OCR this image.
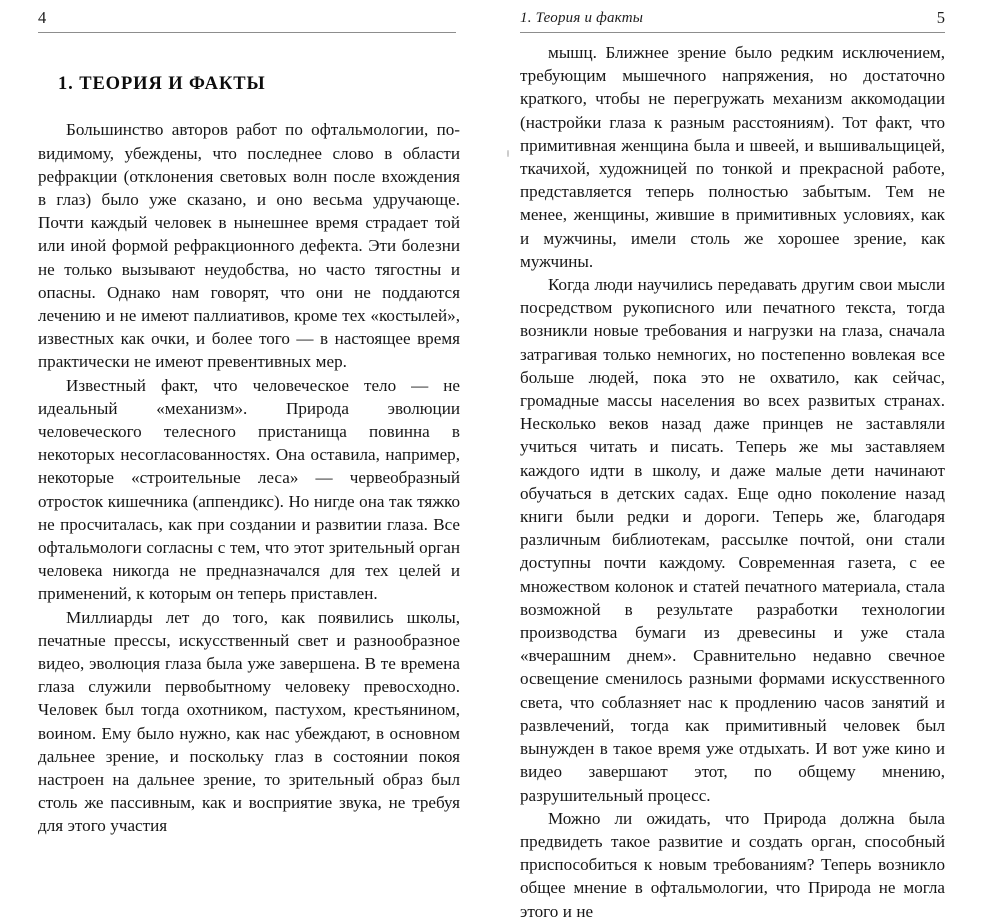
4
1. ТЕОРИЯ И ФАКТЫ

Большинство авторов работ по офтальмологии, по-видимому, убеждены, что последнее слово в области рефракции (отклонения световых волн после вхождения в глаз) было уже сказано, и оно весьма удручающе. Почти каждый человек в нынешнее время страдает той или иной формой рефракционного дефекта. Эти болезни не только вызывают неудобства, но часто тягостны и опасны. Однако нам говорят, что они не поддаются лечению и не имеют паллиативов, кроме тех «костылей», известных как очки, и более того — в настоящее время практически не имеют превентивных мер.

Известный факт, что человеческое тело — не идеальный «механизм». Природа эволюции человеческого телесного пристанища повинна в некоторых несогласованностях. Она оставила, например, некоторые «строительные леса» — червеобразный отросток кишечника (аппендикс). Но нигде она так тяжко не просчиталась, как при создании и развитии глаза. Все офтальмологи согласны с тем, что этот зрительный орган человека никогда не предназначался для тех целей и применений, к которым он теперь приставлен.

Миллиарды лет до того, как появились школы, печатные прессы, искусственный свет и разнообразное видео, эволюция глаза была уже завершена. В те времена глаза служили первобытному человеку превосходно. Человек был тогда охотником, пастухом, крестьянином, воином. Ему было нужно, как нас убеждают, в основном дальнее зрение, и поскольку глаз в состоянии покоя настроен на дальнее зрение, то зрительный образ был столь же пассивным, как и восприятие звука, не требуя для этого участия

1. Теория и факты	5

мышц. Ближнее зрение было редким исключением, требующим мышечного напряжения, но достаточно краткого, чтобы не перегружать механизм аккомодации (настройки глаза к разным расстояниям). Тот факт, что примитивная женщина была и швеей, и вышивальщицей, ткачихой, художницей по тонкой и прекрасной работе, представляется теперь полностью забытым. Тем не менее, женщины, жившие в примитивных условиях, как и мужчины, имели столь же хорошее зрение, как мужчины.

Когда люди научились передавать другим свои мысли посредством рукописного или печатного текста, тогда возникли новые требования и нагрузки на глаза, сначала затрагивая только немногих, но постепенно вовлекая все больше людей, пока это не охватило, как сейчас, громадные массы населения во всех развитых странах. Несколько веков назад даже принцев не заставляли учиться читать и писать. Теперь же мы заставляем каждого идти в школу, и даже малые дети начинают обучаться в детских садах. Еще одно поколение назад книги были редки и дороги. Теперь же, благодаря различным библиотекам, рассылке почтой, они стали доступны почти каждому. Современная газета, с ее множеством колонок и статей печатного материала, стала возможной в результате разработки технологии производства бумаги из древесины и уже стала «вчерашним днем». Сравнительно недавно свечное освещение сменилось разными формами искусственного света, что соблазняет нас к продлению часов занятий и развлечений, тогда как примитивный человек был вынужден в такое время уже отдыхать. И вот уже кино и видео завершают этот, по общему мнению, разрушительный процесс.

Можно ли ожидать, что Природа должна была предвидеть такое развитие и создать орган, способный приспособиться к новым требованиям? Теперь возникло общее мнение в офтальмологии, что Природа не могла этого и не
